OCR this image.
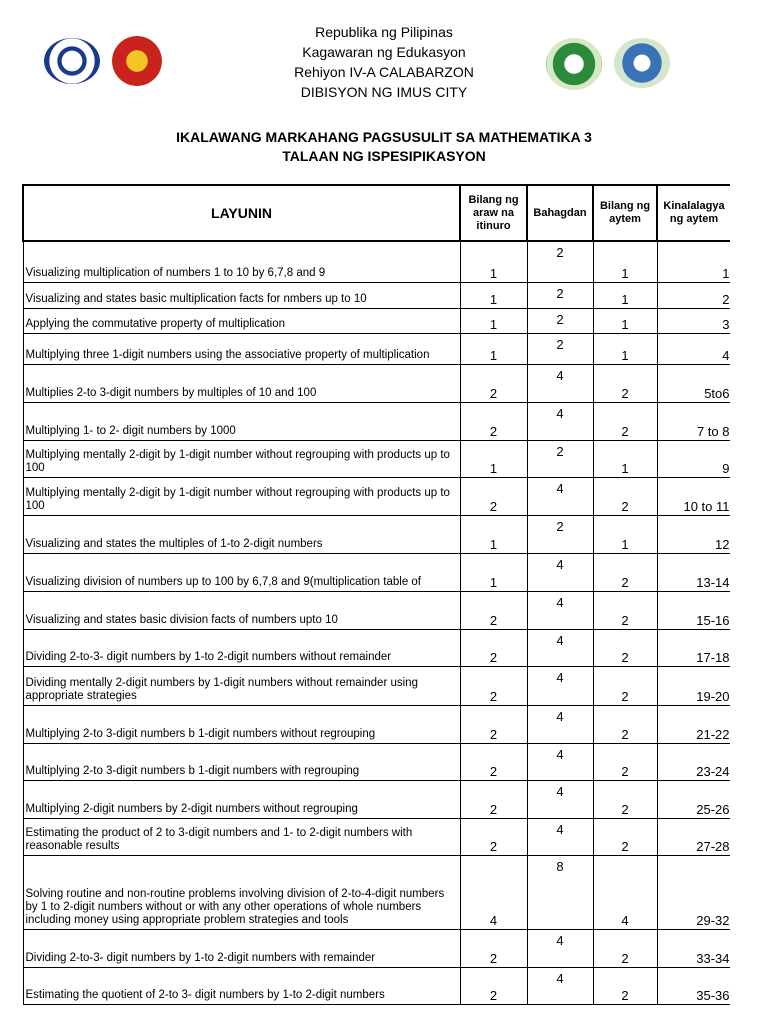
Republika ng Pilipinas
Kagawaran ng Edukasyon
Rehiyon IV-A CALABARZON
DIBISYON NG IMUS CITY
IKALAWANG MARKAHANG PAGSUSULIT SA MATHEMATIKA 3
TALAAN NG ISPESIPIKASYON
LAYUNIN	Bilang ng araw na itinuro	Bahagdan	Bilang ng aytem	Kinalalagya ng aytem
Visualizing multiplication of numbers 1 to 10 by 6,7,8 and 9	1	2	1	1
Visualizing and states basic multiplication facts for nmbers up to 10	1	2	1	2
Applying the commutative property of multiplication	1	2	1	3
Multiplying three 1-digit numbers using the associative property of multiplication	1	2	1	4
Multiplies 2-to 3-digit numbers by multiples of 10 and 100	2	4	2	5to6
Multiplying 1- to 2- digit numbers by 1000	2	4	2	7 to 8
Multiplying mentally 2-digit by 1-digit number without regrouping with products up to 100	1	2	1	9
Multiplying mentally 2-digit by 1-digit number without regrouping with products up to 100	2	4	2	10 to 11
Visualizing and states the multiples of 1-to 2-digit numbers	1	2	1	12
Visualizing division of numbers up to 100 by 6,7,8 and 9(multiplication table of	1	4	2	13-14
Visualizing and states basic division facts of numbers upto 10	2	4	2	15-16
Dividing 2-to-3- digit numbers by 1-to 2-digit numbers without remainder	2	4	2	17-18
Dividing mentally 2-digit numbers by 1-digit numbers without remainder using appropriate strategies	2	4	2	19-20
Multiplying 2-to 3-digit numbers b 1-digit numbers without regrouping	2	4	2	21-22
Multiplying 2-to 3-digit numbers b 1-digit numbers with regrouping	2	4	2	23-24
Multiplying 2-digit numbers by 2-digit numbers without regrouping	2	4	2	25-26
Estimating the product of 2 to 3-digit numbers and 1- to 2-digit numbers with reasonable results	2	4	2	27-28
Solving routine and non-routine problems involving division of 2-to-4-digit numbers by 1 to 2-digit numbers without or with any other operations of whole numbers including money using appropriate problem strategies and tools	4	8	4	29-32
Dividing 2-to-3- digit numbers by 1-to 2-digit numbers with remainder	2	4	2	33-34
Estimating the quotient of 2-to 3- digit numbers by 1-to 2-digit numbers	2	4	2	35-36
